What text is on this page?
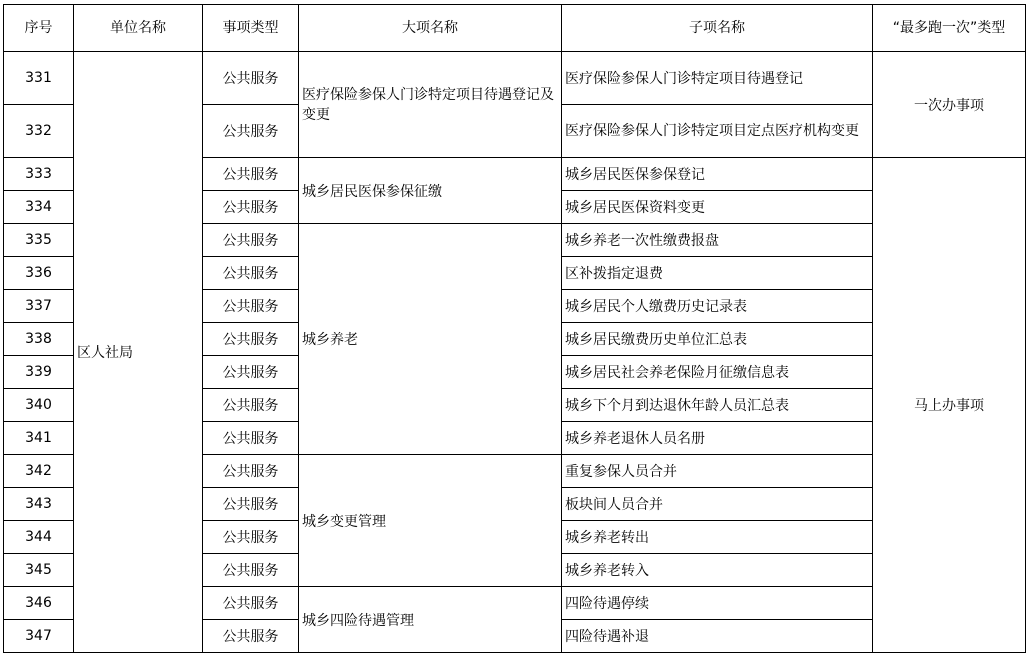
序号	单位名称	事项类型	大项名称	子项名称	“最多跑一次”类型
331	区人社局	公共服务	医疗保险参保人门诊特定项目待遇登记及变更	医疗保险参保人门诊特定项目待遇登记	一次办事项
332		公共服务		医疗保险参保人门诊特定项目定点医疗机构变更	
333		公共服务	城乡居民医保参保征缴	城乡居民医保参保登记	马上办事项
334		公共服务		城乡居民医保资料变更	
335		公共服务	城乡养老	城乡养老一次性缴费报盘	
336		公共服务		区补拨指定退费	
337		公共服务		城乡居民个人缴费历史记录表	
338		公共服务		城乡居民缴费历史单位汇总表	
339		公共服务		城乡居民社会养老保险月征缴信息表	
340		公共服务		城乡下个月到达退休年龄人员汇总表	
341		公共服务		城乡养老退休人员名册	
342		公共服务	城乡变更管理	重复参保人员合并	
343		公共服务		板块间人员合并	
344		公共服务		城乡养老转出	
345		公共服务		城乡养老转入	
346		公共服务	城乡四险待遇管理	四险待遇停续	
347		公共服务		四险待遇补退	
